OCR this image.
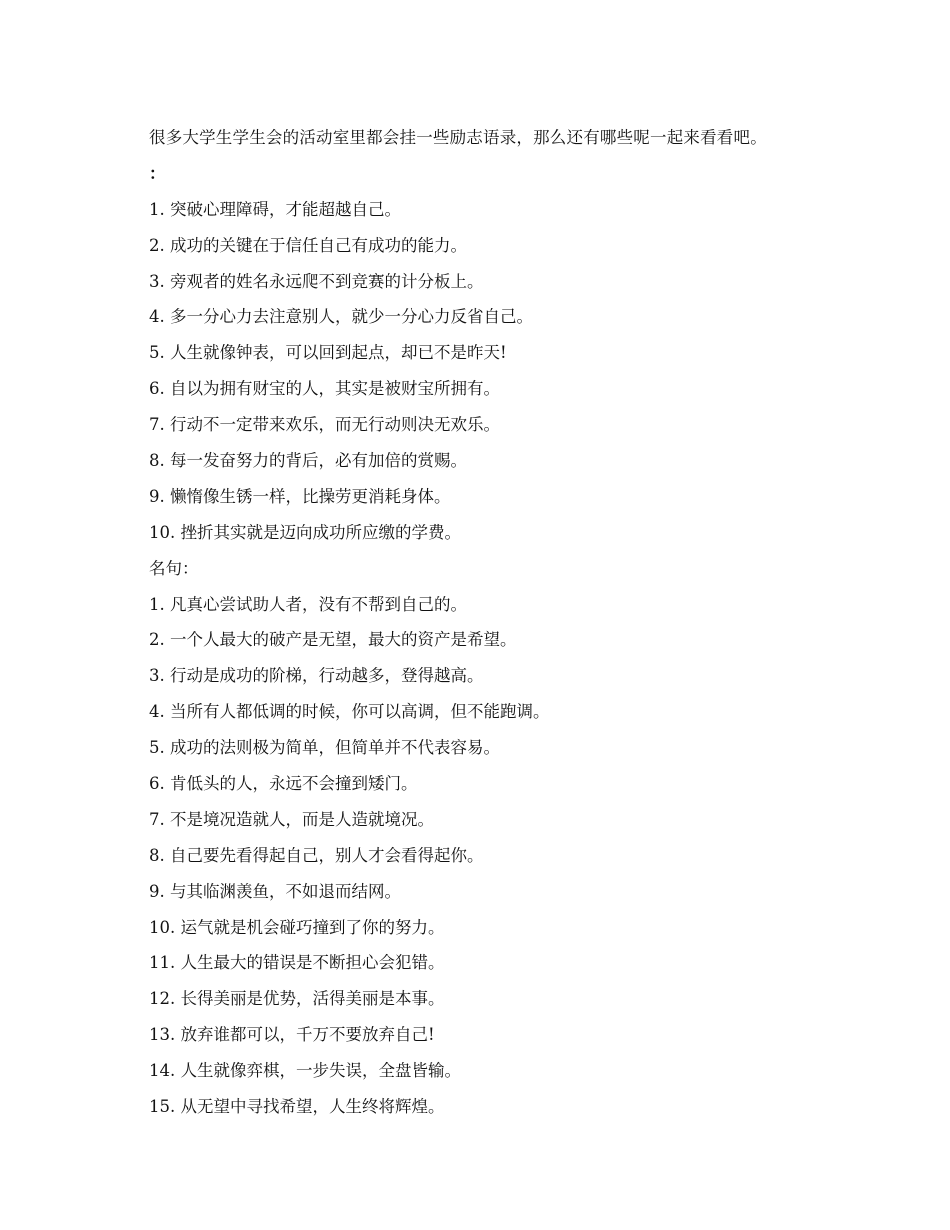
很多大学生学生会的活动室里都会挂一些励志语录，那么还有哪些呢一起来看看吧。
：
1. 突破心理障碍，才能超越自己。
2. 成功的关键在于信任自己有成功的能力。
3. 旁观者的姓名永远爬不到竞赛的计分板上。
4. 多一分心力去注意别人，就少一分心力反省自己。
5. 人生就像钟表，可以回到起点，却已不是昨天!
6. 自以为拥有财宝的人，其实是被财宝所拥有。
7. 行动不一定带来欢乐，而无行动则决无欢乐。
8. 每一发奋努力的背后，必有加倍的赏赐。
9. 懒惰像生锈一样，比操劳更消耗身体。
10. 挫折其实就是迈向成功所应缴的学费。
名句：
1. 凡真心尝试助人者，没有不帮到自己的。
2. 一个人最大的破产是无望，最大的资产是希望。
3. 行动是成功的阶梯，行动越多，登得越高。
4. 当所有人都低调的时候，你可以高调，但不能跑调。
5. 成功的法则极为简单，但简单并不代表容易。
6. 肯低头的人，永远不会撞到矮门。
7. 不是境况造就人，而是人造就境况。
8. 自己要先看得起自己，别人才会看得起你。
9. 与其临渊羡鱼，不如退而结网。
10. 运气就是机会碰巧撞到了你的努力。
11. 人生最大的错误是不断担心会犯错。
12. 长得美丽是优势，活得美丽是本事。
13. 放弃谁都可以，千万不要放弃自己!
14. 人生就像弈棋，一步失误，全盘皆输。
15. 从无望中寻找希望，人生终将辉煌。
